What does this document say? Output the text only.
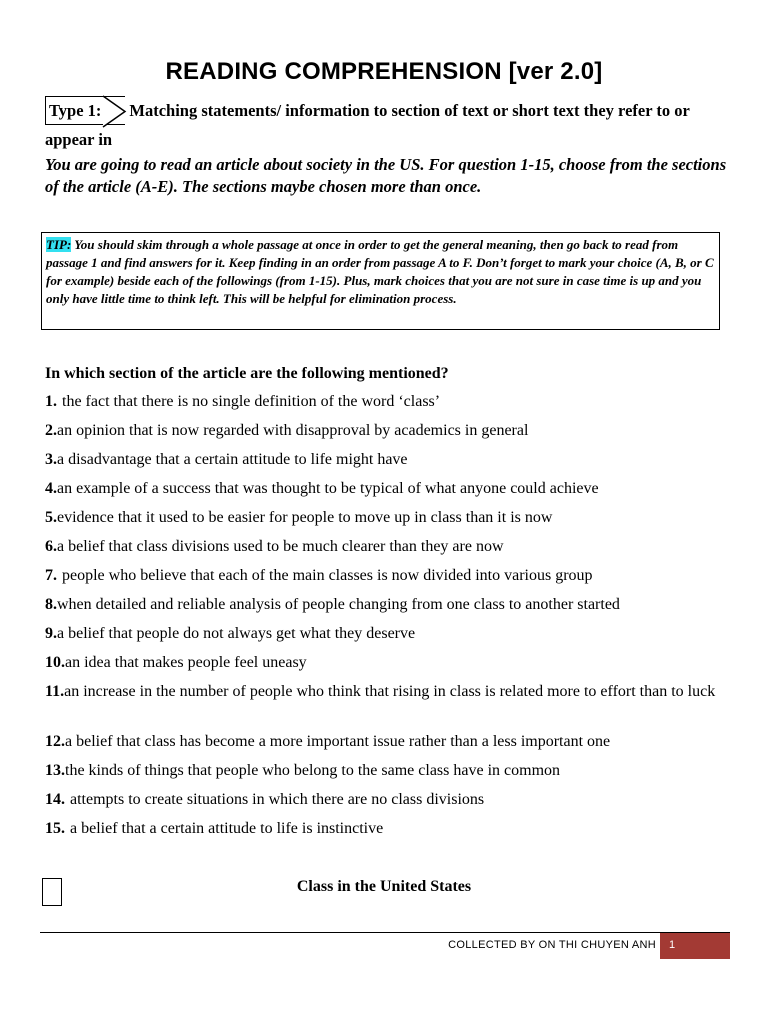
READING COMPREHENSION [ver 2.0]
Type 1: Matching statements/ information to section of text or short text they refer to or appear in
You are going to read an article about society in the US. For question 1-15, choose from the sections of the article (A-E). The sections maybe chosen more than once.
TIP: You should skim through a whole passage at once in order to get the general meaning, then go back to read from passage 1 and find answers for it. Keep finding in an order from passage A to F. Don’t forget to mark your choice (A, B, or C for example) beside each of the followings (from 1-15). Plus, mark choices that you are not sure in case time is up and you only have little time to think left. This will be helpful for elimination process.
In which section of the article are the following mentioned?
1. the fact that there is no single definition of the word ‘class’
2.an opinion that is now regarded with disapproval by academics in general
3.a disadvantage that a certain attitude to life might have
4.an example of a success that was thought to be typical of what anyone could achieve
5.evidence that it used to be easier for people to move up in class than it is now
6.a belief that class divisions used to be much clearer than they are now
7. people who believe that each of the main classes is now divided into various group
8.when detailed and reliable analysis of people changing from one class to another started
9.a belief that people do not always get what they deserve
10.an idea that makes people feel uneasy
11.an increase in the number of people who think that rising in class is related more to effort than to luck
12.a belief that class has become a more important issue rather than a less important one
13.the kinds of things that people who belong to the same class have in common
14. attempts to create situations in which there are no class divisions
15. a belief that a certain attitude to life is instinctive
Class in the United States
COLLECTED BY ON THI CHUYEN ANH	1
